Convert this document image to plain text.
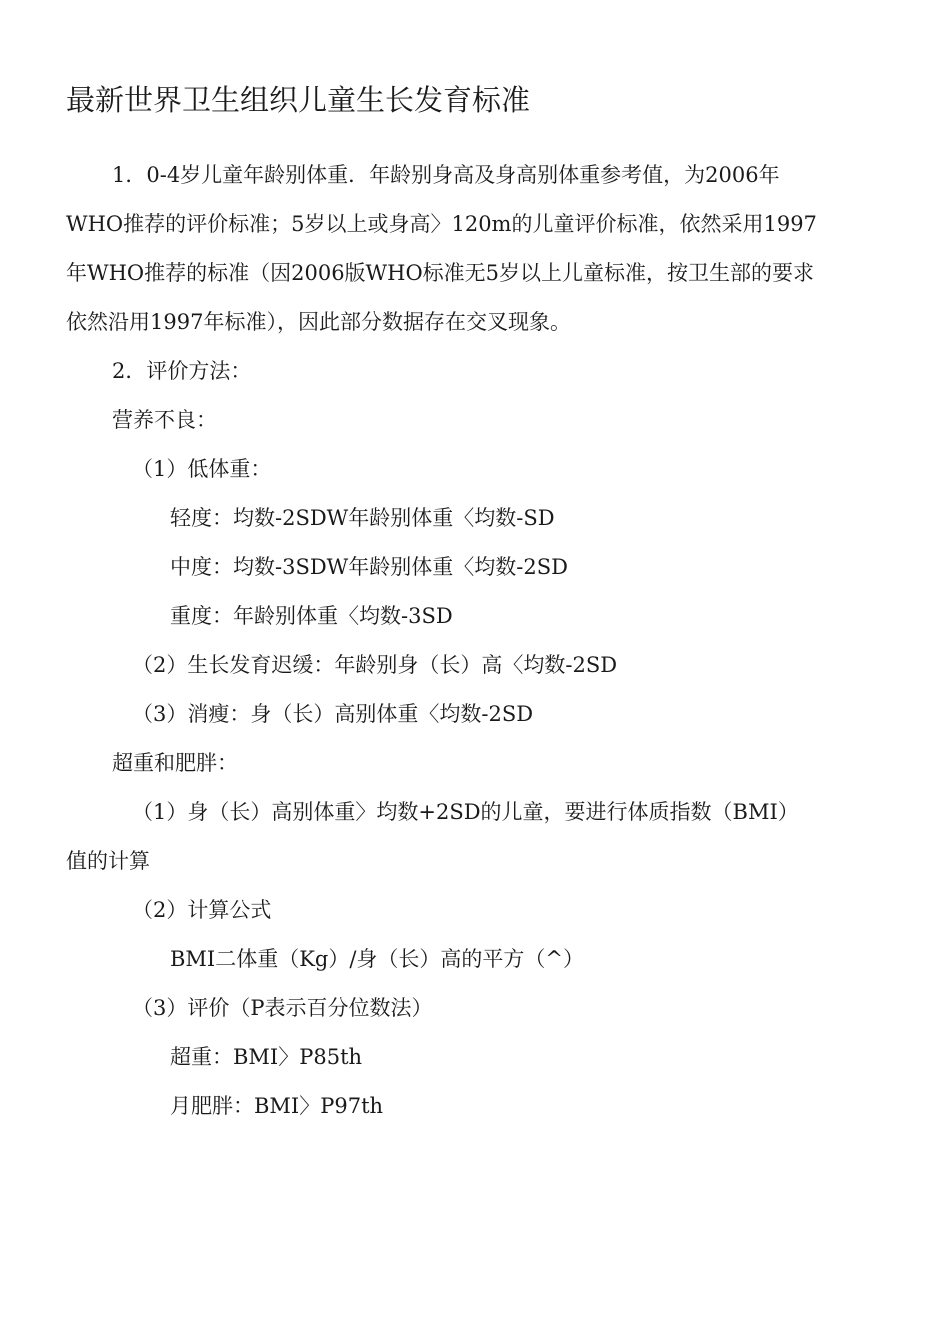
最新世界卫生组织儿童生长发育标准
1．0-4岁儿童年龄别体重．年龄别身高及身高别体重参考值，为2006年
WHO推荐的评价标准；5岁以上或身高〉120m的儿童评价标准，依然采用1997
年WHO推荐的标准（因2006版WHO标准无5岁以上儿童标准，按卫生部的要求
依然沿用1997年标准），因此部分数据存在交叉现象。
2．评价方法：
营养不良：
（1）低体重：
轻度：均数-2SDW年龄别体重〈均数-SD
中度：均数-3SDW年龄别体重〈均数-2SD
重度：年龄别体重〈均数-3SD
（2）生长发育迟缓：年龄别身（长）高〈均数-2SD
（3）消瘦：身（长）高别体重〈均数-2SD
超重和肥胖：
（1）身（长）高别体重〉均数+2SD的儿童，要进行体质指数（BMI）
值的计算
（2）计算公式
BMI二体重（Kg）/身（长）高的平方（^）
（3）评价（P表示百分位数法）
超重：BMI〉P85th
月肥胖：BMI〉P97th
